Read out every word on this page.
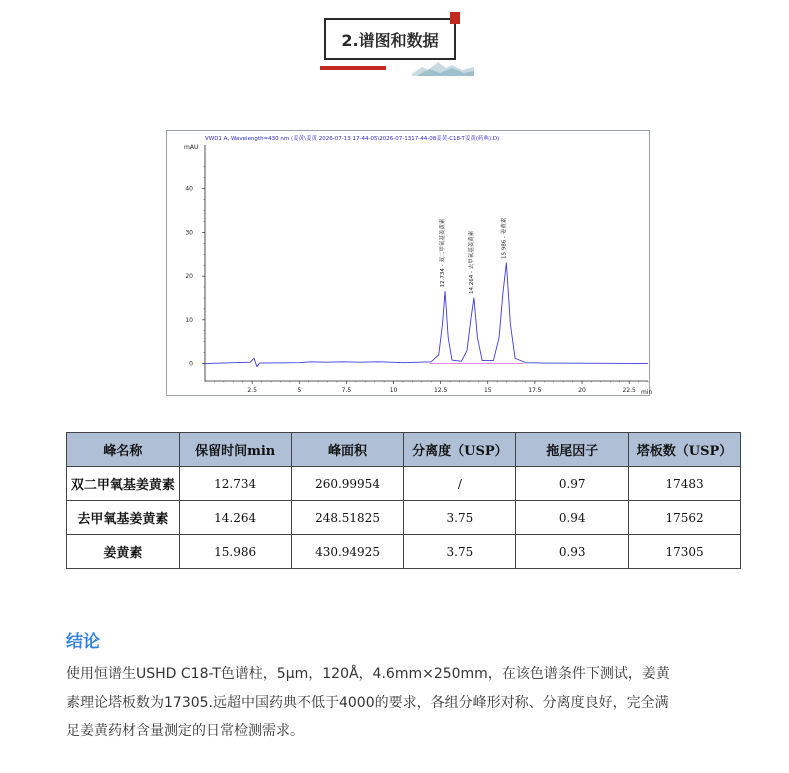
2.谱图和数据
VWD1 A, Wavelength=430 nm (姜黄\姜黄 2026-07-13 17-44-05\2026-07-1317-44-08姜黄-C18-T姜黄(药典).D)
mAU
min
0
10
20
30
40
2.5	5	7.5	10	12.5	15	17.5	20	22.5
12.734 - 双二甲氧基姜黄素	14.264 - 去甲氧基姜黄素	15.986 - 姜黄素
峰名称	保留时间min	峰面积	分离度（USP）	拖尾因子	塔板数（USP）
双二甲氧基姜黄素	12.734	260.99954	/	0.97	17483
去甲氧基姜黄素	14.264	248.51825	3.75	0.94	17562
姜黄素	15.986	430.94925	3.75	0.93	17305
结论
使用恒谱生USHD C18-T色谱柱，5μm，120Å，4.6mm×250mm，在该色谱条件下测试，姜黄
素理论塔板数为17305.远超中国药典不低于4000的要求，各组分峰形对称、分离度良好，完全满
足姜黄药材含量测定的日常检测需求。
